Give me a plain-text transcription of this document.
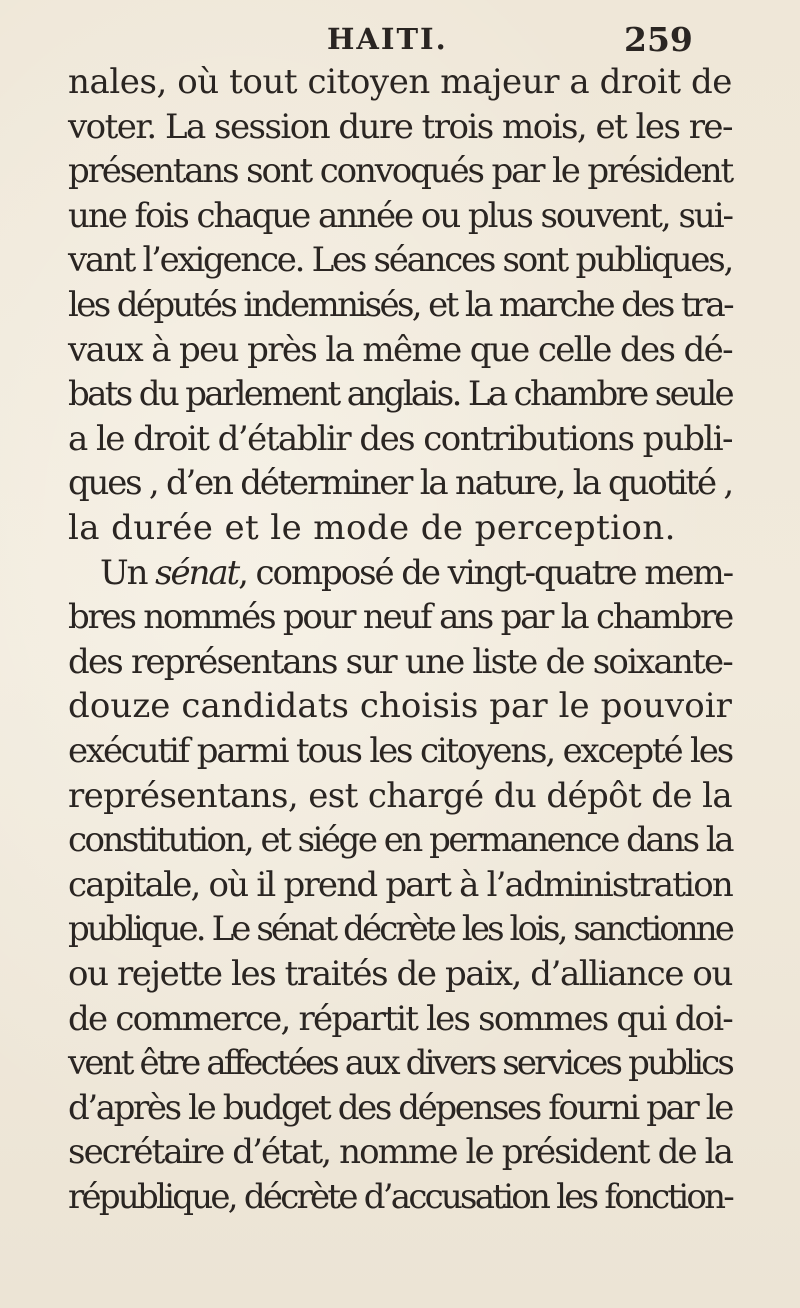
HAITI.	259
nales, où tout citoyen majeur a droit de
voter. La session dure trois mois, et les re-
présentans sont convoqués par le président
une fois chaque année ou plus souvent, sui-
vant l’exigence. Les séances sont publiques,
les députés indemnisés, et la marche des tra-
vaux à peu près la même que celle des dé-
bats du parlement anglais. La chambre seule
a le droit d’établir des contributions publi-
ques , d’en déterminer la nature, la quotité ,
la durée et le mode de perception.
Un sénat, composé de vingt-quatre mem-
bres nommés pour neuf ans par la chambre
des représentans sur une liste de soixante-
douze candidats choisis par le pouvoir
exécutif parmi tous les citoyens, excepté les
représentans, est chargé du dépôt de la
constitution, et siége en permanence dans la
capitale, où il prend part à l’administration
publique. Le sénat décrète les lois, sanctionne
ou rejette les traités de paix, d’alliance ou
de commerce, répartit les sommes qui doi-
vent être affectées aux divers services publics
d’après le budget des dépenses fourni par le
secrétaire d’état, nomme le président de la
république, décrète d’accusation les fonction-
